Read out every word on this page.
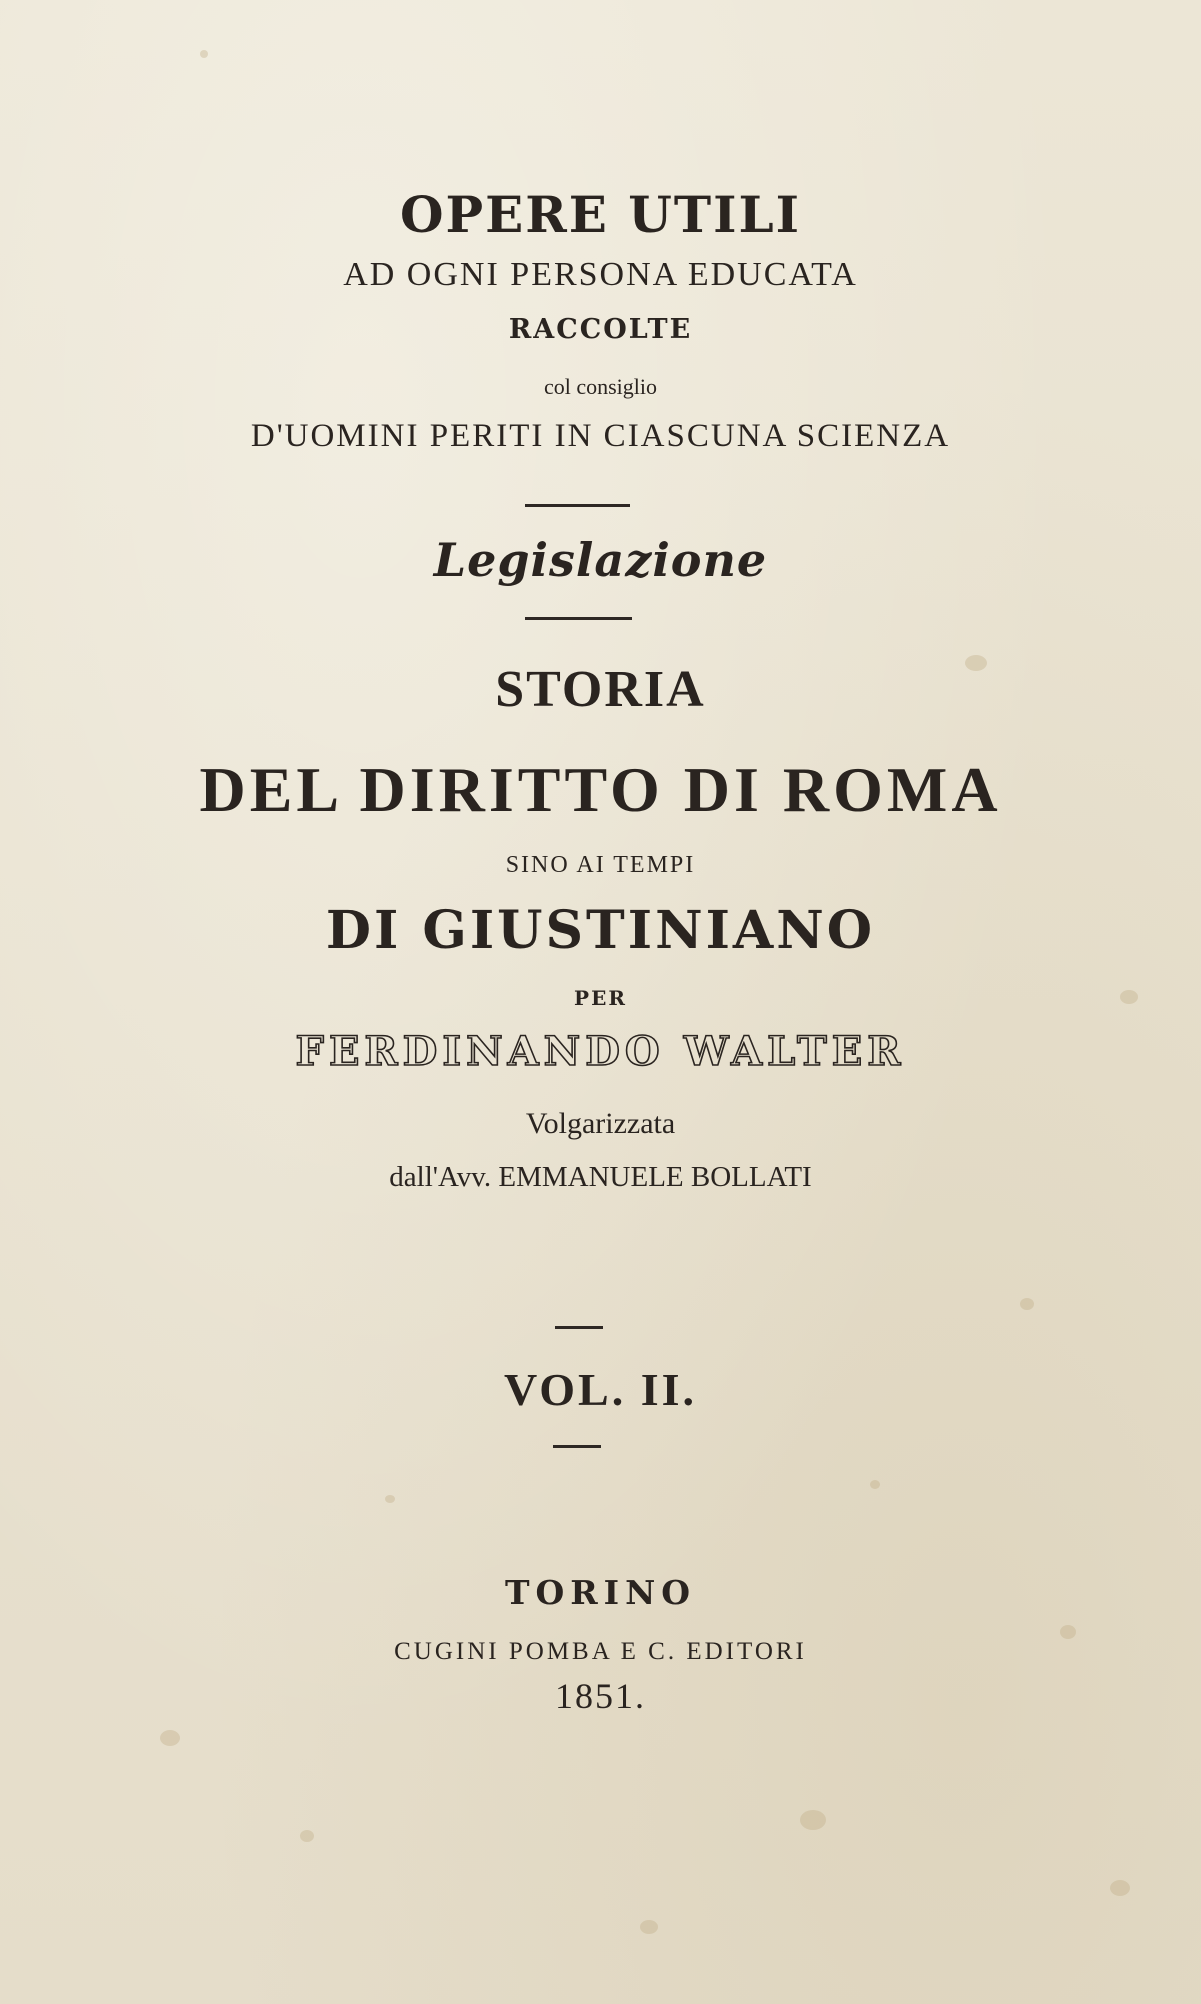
OPERE UTILI
AD OGNI PERSONA EDUCATA
RACCOLTE
col consiglio
D'UOMINI PERITI IN CIASCUNA SCIENZA
Legislazione
STORIA
DEL DIRITTO DI ROMA
SINO AI TEMPI
DI GIUSTINIANO
PER
FERDINANDO WALTER
Volgarizzata
dall'Avv. EMMANUELE BOLLATI
VOL. II.
TORINO
CUGINI POMBA E C. EDITORI
1851.
